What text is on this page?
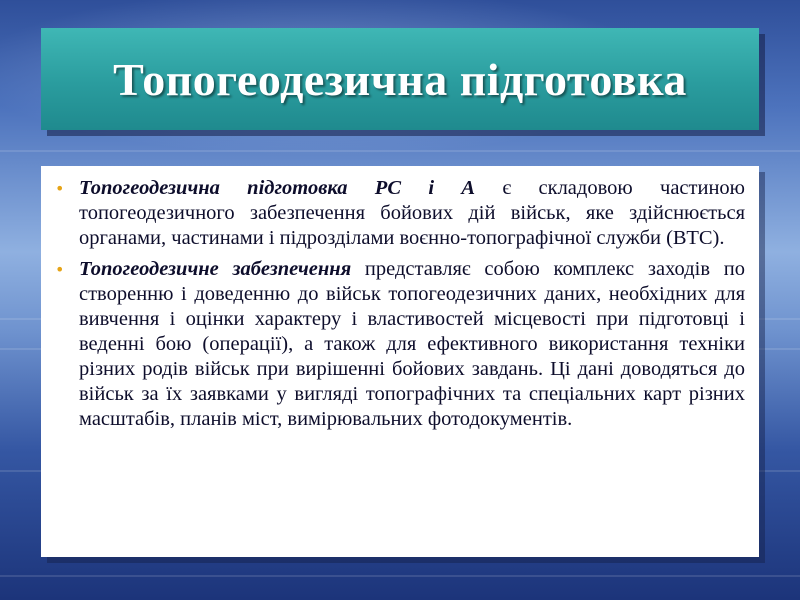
Топогеодезична підготовка
• Топогеодезична підготовка РС і А є складовою частиною топогеодезичного забезпечення бойових дій військ, яке здійснюється органами, частинами і підрозділами воєнно-топографічної служби (ВТС).
• Топогеодезичне забезпечення представляє собою комплекс заходів по створенню і доведенню до військ топогеодезичних даних, необхідних для вивчення і оцінки характеру і властивостей місцевості при підготовці і веденні бою (операції), а також для ефективного використання техніки різних родів військ при вирішенні бойових завдань. Ці дані доводяться до військ за їх заявками у вигляді топографічних та спеціальних карт різних масштабів, планів міст, вимірювальних фотодокументів.
